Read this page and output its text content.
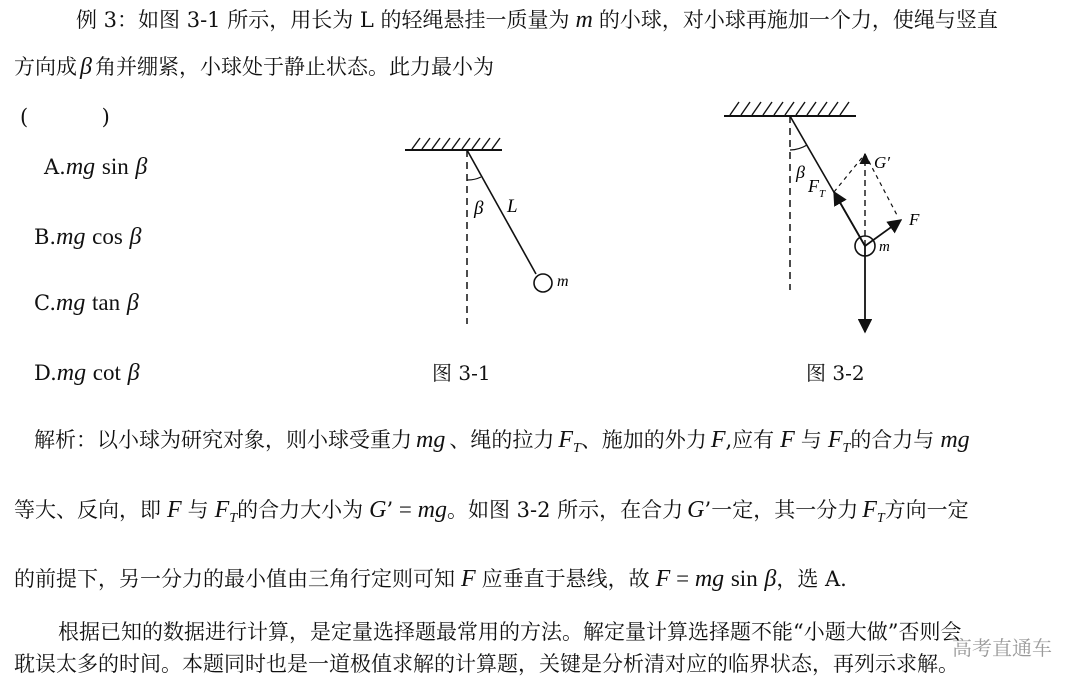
例 3：如图 3-1 所示，用长为 L 的轻绳悬挂一质量为 m 的小球，对小球再施加一个力，使绳与竖直
方向成 β 角并绷紧，小球处于静止状态。此力最小为
(           )
A.mg sin β
B.mg cos β
C.mg tan β
D.mg cot β
β L
m
图 3-1
β
$F_T$
G′
F
m
图 3-2
解析：以小球为研究对象，则小球受重力 mg 、绳的拉力 $F_T$、施加的外力 F,应有 F 与 $F_T$的合力与 mg
等大、反向，即 F 与 $F_T$的合力大小为 G’ = mg。如图 3-2 所示，在合力 G’一定，其一分力 $F_T$方向一定
的前提下，另一分力的最小值由三角行定则可知 F 应垂直于悬线，故 F = mg sin β，选 A.
根据已知的数据进行计算，是定量选择题最常用的方法。解定量计算选择题不能“小题大做”否则会
耽误太多的时间。本题同时也是一道极值求解的计算题，关键是分析清对应的临界状态，再列示求解。
高考直通车
